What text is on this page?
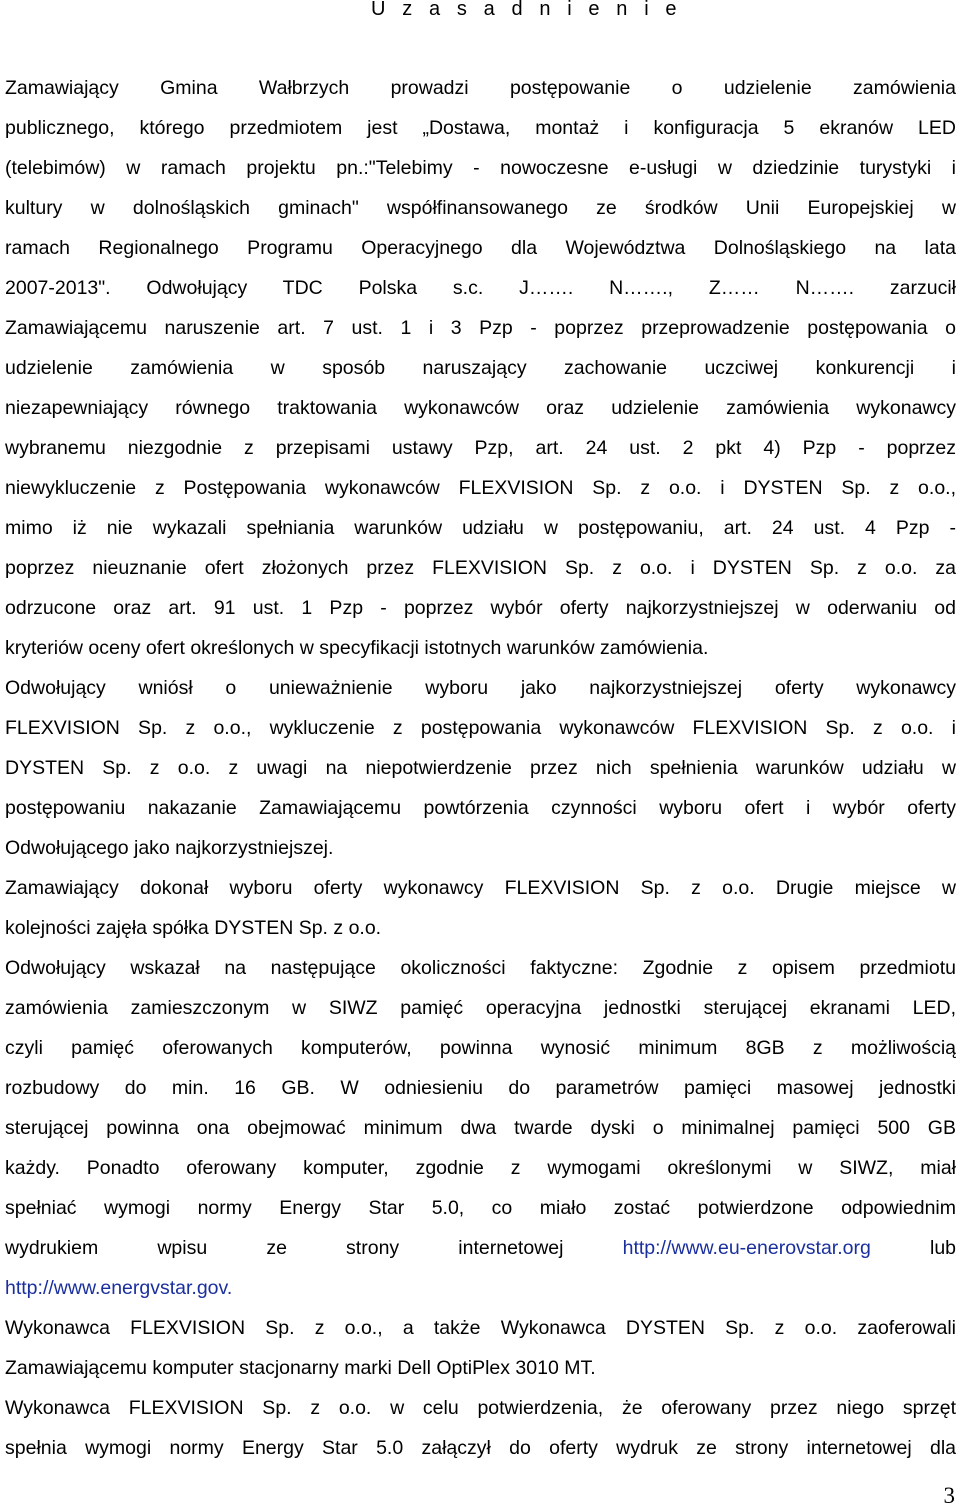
U z a s a d n i e n i e
Zamawiający Gmina Wałbrzych prowadzi postępowanie o udzielenie zamówienia
publicznego, którego przedmiotem jest „Dostawa, montaż i konfiguracja 5 ekranów LED
(telebimów) w ramach projektu pn.:"Telebimy - nowoczesne e-usługi w dziedzinie turystyki i
kultury w dolnośląskich gminach" współfinansowanego ze środków Unii Europejskiej w
ramach Regionalnego Programu Operacyjnego dla Województwa Dolnośląskiego na lata
2007-2013". Odwołujący TDC Polska s.c. J……. N……., Z…… N……. zarzucił
Zamawiającemu naruszenie art. 7 ust. 1 i 3 Pzp - poprzez przeprowadzenie postępowania o
udzielenie zamówienia w sposób naruszający zachowanie uczciwej konkurencji i
niezapewniający równego traktowania wykonawców oraz udzielenie zamówienia wykonawcy
wybranemu niezgodnie z przepisami ustawy Pzp, art. 24 ust. 2 pkt 4) Pzp - poprzez
niewykluczenie z Postępowania wykonawców FLEXVISION Sp. z o.o. i DYSTEN Sp. z o.o.,
mimo iż nie wykazali spełniania warunków udziału w postępowaniu, art. 24 ust. 4 Pzp -
poprzez nieuznanie ofert złożonych przez FLEXVISION Sp. z o.o. i DYSTEN Sp. z o.o. za
odrzucone oraz art. 91 ust. 1 Pzp - poprzez wybór oferty najkorzystniejszej w oderwaniu od
kryteriów oceny ofert określonych w specyfikacji istotnych warunków zamówienia.
Odwołujący wniósł o unieważnienie wyboru jako najkorzystniejszej oferty wykonawcy
FLEXVISION Sp. z o.o., wykluczenie z postępowania wykonawców FLEXVISION Sp. z o.o. i
DYSTEN Sp. z o.o. z uwagi na niepotwierdzenie przez nich spełnienia warunków udziału w
postępowaniu nakazanie Zamawiającemu powtórzenia czynności wyboru ofert i wybór oferty
Odwołującego jako najkorzystniejszej.
Zamawiający dokonał wyboru oferty wykonawcy FLEXVISION Sp. z o.o. Drugie miejsce w
kolejności zajęła spółka DYSTEN Sp. z o.o.
Odwołujący wskazał na następujące okoliczności faktyczne: Zgodnie z opisem przedmiotu
zamówienia zamieszczonym w SIWZ pamięć operacyjna jednostki sterującej ekranami LED,
czyli pamięć oferowanych komputerów, powinna wynosić minimum 8GB z możliwością
rozbudowy do min. 16 GB. W odniesieniu do parametrów pamięci masowej jednostki
sterującej powinna ona obejmować minimum dwa twarde dyski o minimalnej pamięci 500 GB
każdy. Ponadto oferowany komputer, zgodnie z wymogami określonymi w SIWZ, miał
spełniać wymogi normy Energy Star 5.0, co miało zostać potwierdzone odpowiednim
wydrukiem wpisu ze strony internetowej	http://www.eu-enerovstar.org	lub
http://www.energvstar.gov.
Wykonawca FLEXVISION Sp. z o.o., a także Wykonawca DYSTEN Sp. z o.o. zaoferowali
Zamawiającemu komputer stacjonarny marki Dell OptiPlex 3010 MT.
Wykonawca FLEXVISION Sp. z o.o. w celu potwierdzenia, że oferowany przez niego sprzęt
spełnia wymogi normy Energy Star 5.0 załączył do oferty wydruk ze strony internetowej dla
3
